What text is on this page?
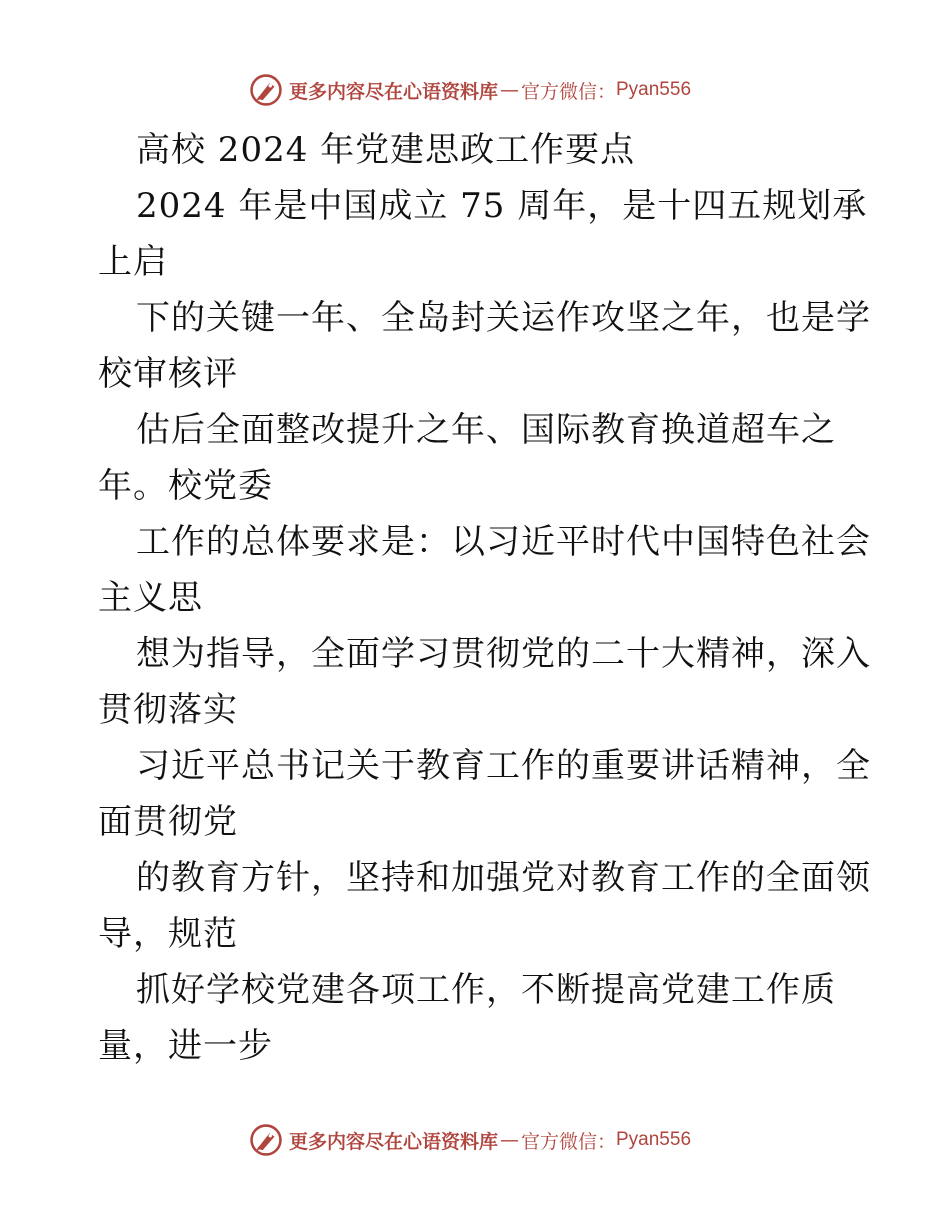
更多内容尽在心语资料库 — 官方微信： Pyan556
高校 2024 年党建思政工作要点
2024 年是中国成立 75 周年，是十四五规划承
上启
下的关键一年、全岛封关运作攻坚之年，也是学
校审核评
估后全面整改提升之年、国际教育换道超车之
年。校党委
工作的总体要求是：以习近平时代中国特色社会
主义思
想为指导，全面学习贯彻党的二十大精神，深入
贯彻落实
习近平总书记关于教育工作的重要讲话精神，全
面贯彻党
的教育方针，坚持和加强党对教育工作的全面领
导，规范
抓好学校党建各项工作，不断提高党建工作质
量，进一步
更多内容尽在心语资料库 — 官方微信： Pyan556
